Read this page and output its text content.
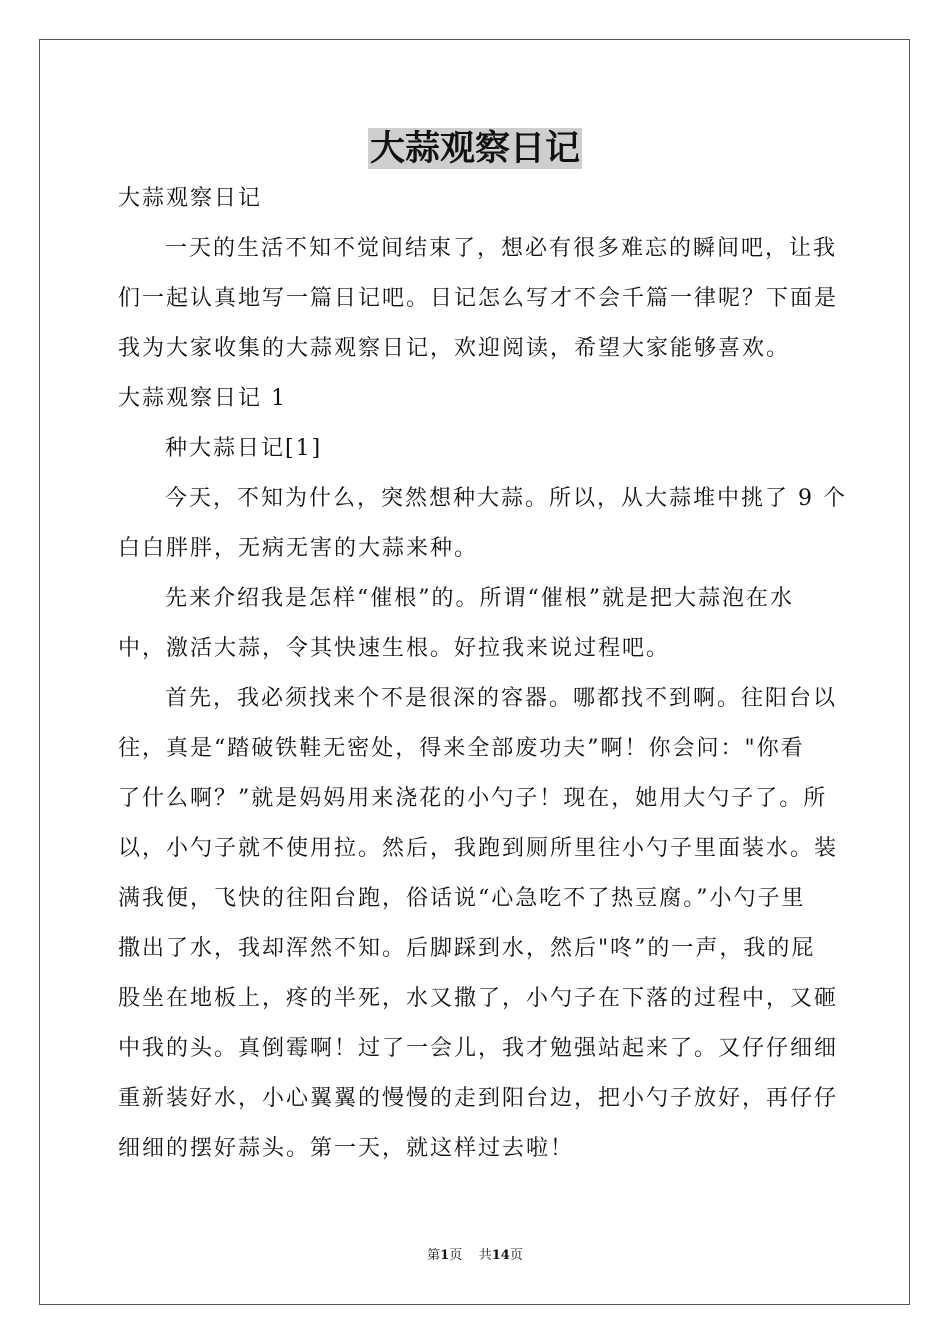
大蒜观察日记
大蒜观察日记
一天的生活不知不觉间结束了，想必有很多难忘的瞬间吧，让我
们一起认真地写一篇日记吧。日记怎么写才不会千篇一律呢？下面是
我为大家收集的大蒜观察日记，欢迎阅读，希望大家能够喜欢。
大蒜观察日记 1
种大蒜日记[1]
今天，不知为什么，突然想种大蒜。所以，从大蒜堆中挑了 9 个
白白胖胖，无病无害的大蒜来种。
先来介绍我是怎样“催根”的。所谓“催根”就是把大蒜泡在水
中，激活大蒜，令其快速生根。好拉我来说过程吧。
首先，我必须找来个不是很深的容器。哪都找不到啊。往阳台以
往，真是“踏破铁鞋无密处，得来全部废功夫”啊！你会问："你看
了什么啊？”就是妈妈用来浇花的小勺子！现在，她用大勺子了。所
以，小勺子就不使用拉。然后，我跑到厕所里往小勺子里面装水。装
满我便，飞快的往阳台跑，俗话说“心急吃不了热豆腐。”小勺子里
撒出了水，我却浑然不知。后脚踩到水，然后"咚”的一声，我的屁
股坐在地板上，疼的半死，水又撒了，小勺子在下落的过程中，又砸
中我的头。真倒霉啊！过了一会儿，我才勉强站起来了。又仔仔细细
重新装好水，小心翼翼的慢慢的走到阳台边，把小勺子放好，再仔仔
细细的摆好蒜头。第一天，就这样过去啦！
第1页    共14页
